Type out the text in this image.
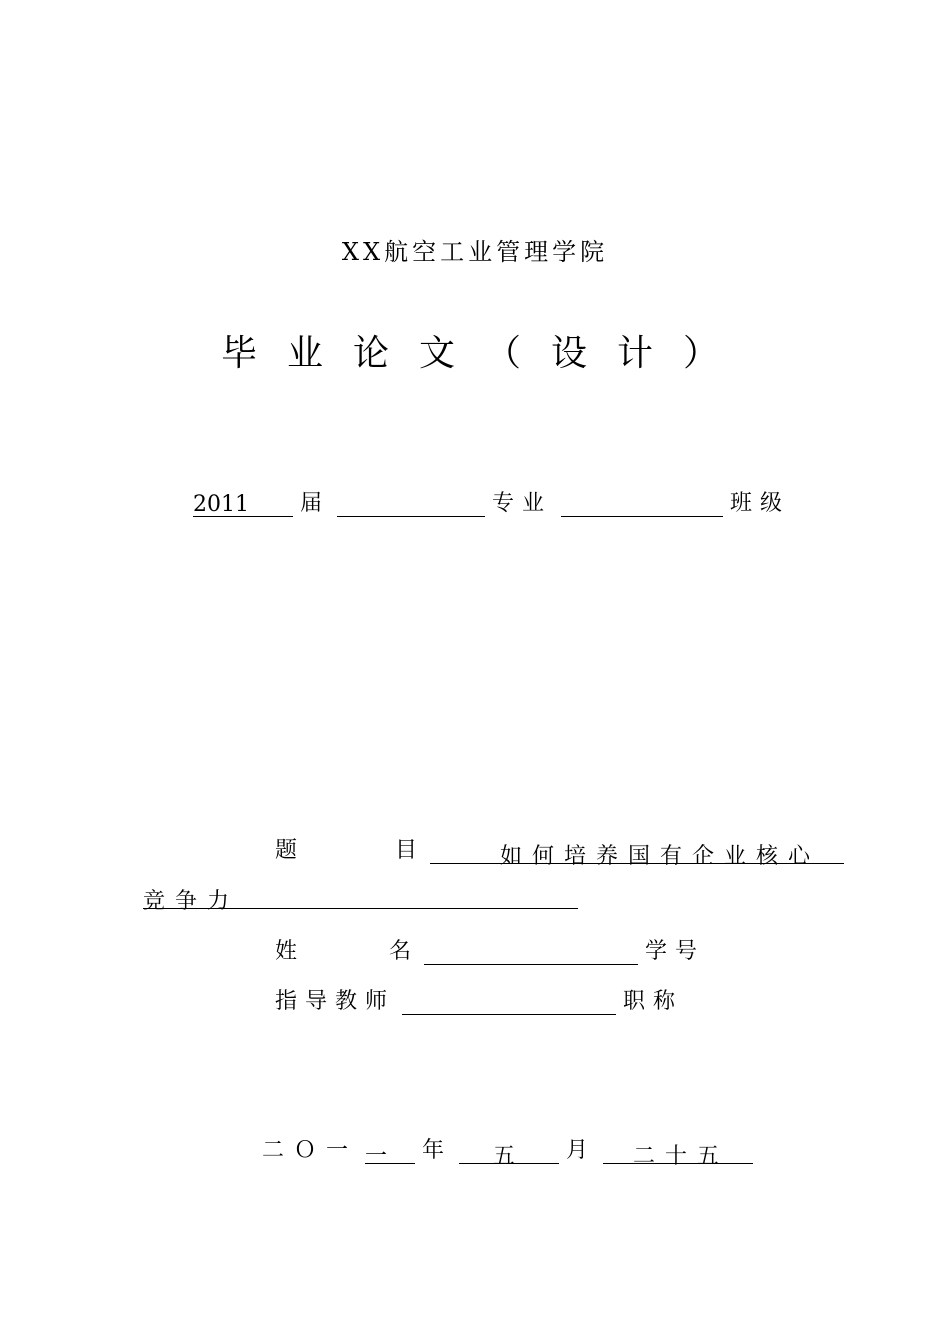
XX航空工业管理学院
毕业论文（设计）
2011 届	专业	班级
题	目	如何培养国有企业核心
竞争力
姓	名	学号
指导教师	职称
二Ｏ一 一 年 五 月 二十五
